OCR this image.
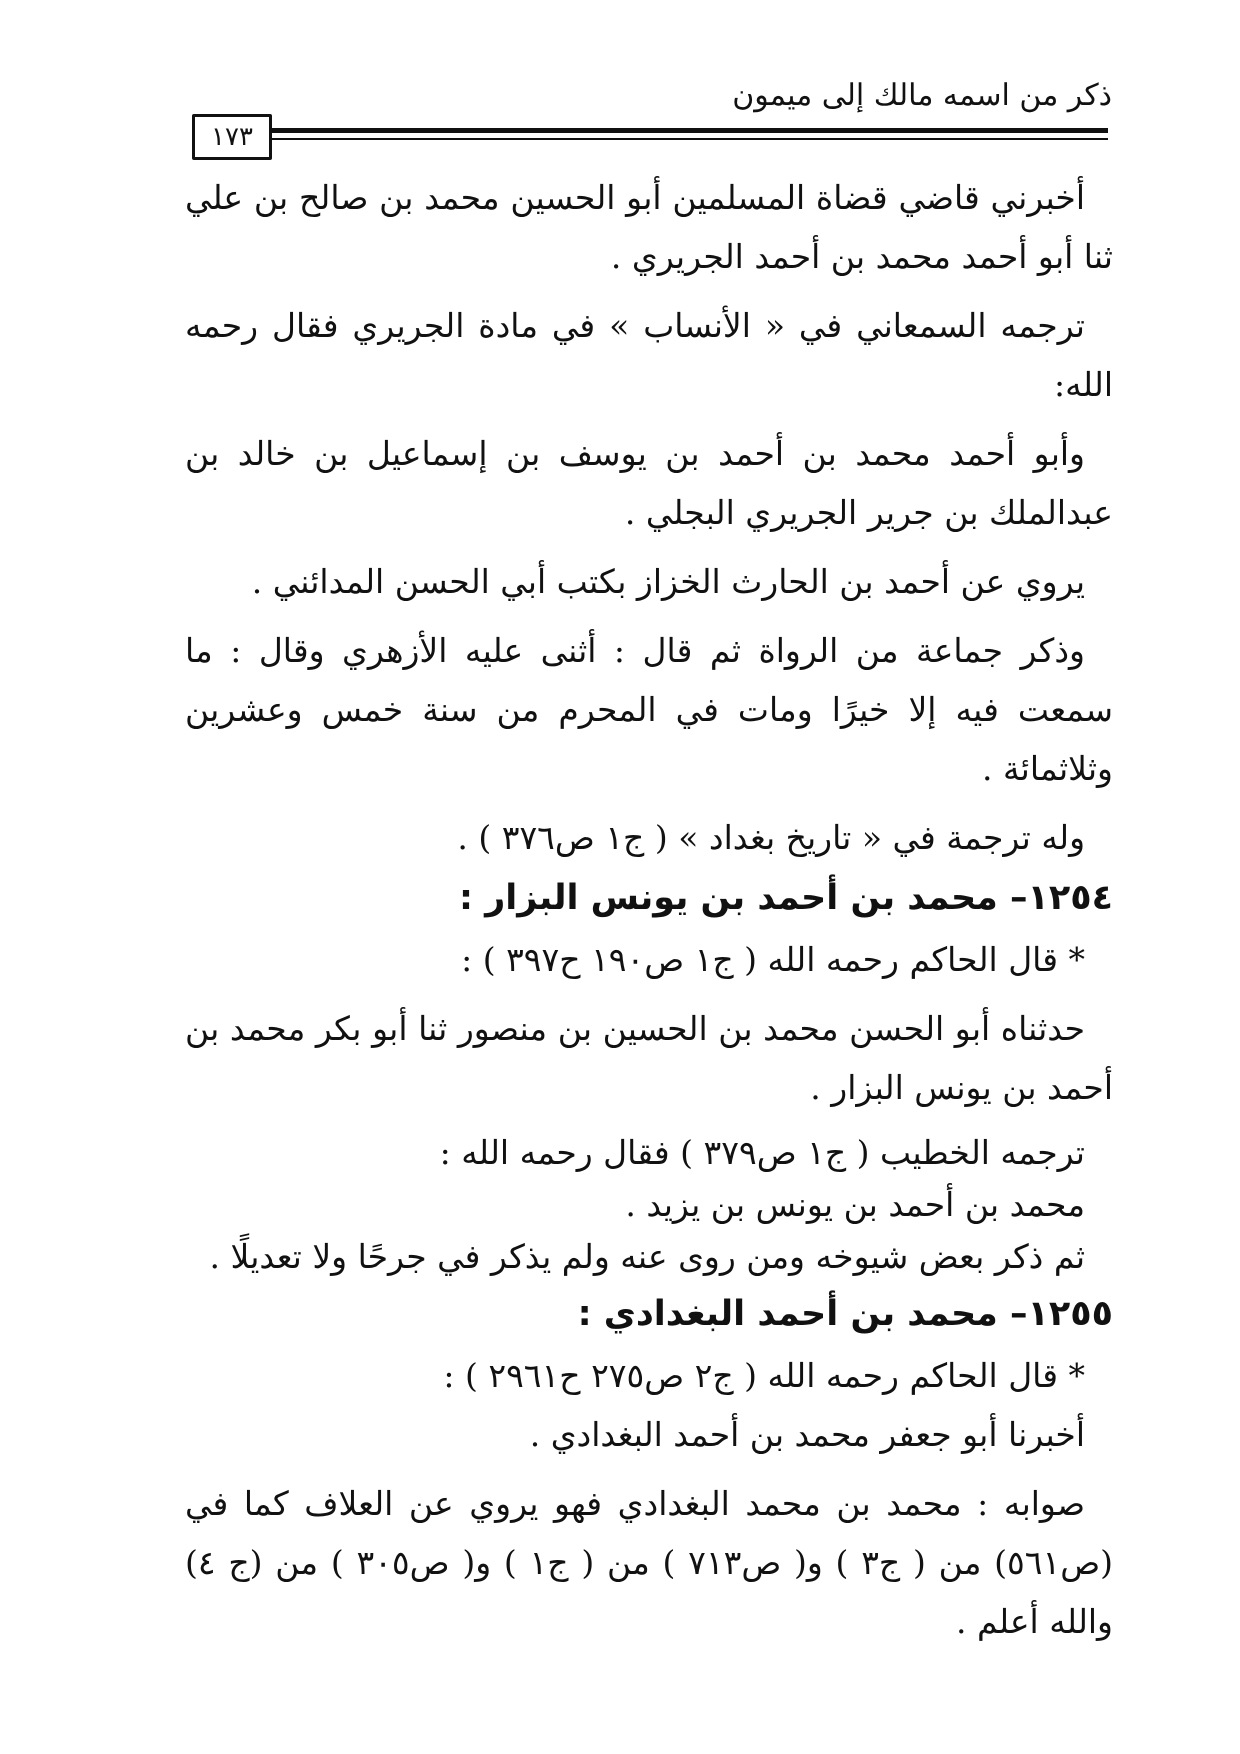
ذكر من اسمه مالك إلى ميمون
١٧٣

أخبرني قاضي قضاة المسلمين أبو الحسين محمد بن صالح بن علي ثنا أبو أحمد محمد بن أحمد الجريري .

ترجمه السمعاني في « الأنساب » في مادة الجريري فقال رحمه الله:

وأبو أحمد محمد بن أحمد بن يوسف بن إسماعيل بن خالد بن عبدالملك بن جرير الجريري البجلي .

يروي عن أحمد بن الحارث الخزاز بكتب أبي الحسن المدائني .

وذكر جماعة من الرواة ثم قال : أثنى عليه الأزهري وقال : ما سمعت فيه إلا خيرًا ومات في المحرم من سنة خمس وعشرين وثلاثمائة .

وله ترجمة في « تاريخ بغداد » ( ج١ ص٣٧٦ ) .

١٢٥٤– محمد بن أحمد بن يونس البزار :

* قال الحاكم رحمه الله ( ج١ ص١٩٠ ح٣٩٧ ) :

حدثناه أبو الحسن محمد بن الحسين بن منصور ثنا أبو بكر محمد بن أحمد بن يونس البزار .

ترجمه الخطيب ( ج١ ص٣٧٩ ) فقال رحمه الله :

محمد بن أحمد بن يونس بن يزيد .

ثم ذكر بعض شيوخه ومن روى عنه ولم يذكر في جرحًا ولا تعديلًا .

١٢٥٥– محمد بن أحمد البغدادي :

* قال الحاكم رحمه الله ( ج٢ ص٢٧٥ ح٢٩٦١ ) :

أخبرنا أبو جعفر محمد بن أحمد البغدادي .

صوابه : محمد بن محمد البغدادي فهو يروي عن العلاف كما في (ص٥٦١) من ( ج٣ ) و( ص٧١٣ ) من ( ج١ ) و( ص٣٠٥ ) من (ج ٤) والله أعلم .
